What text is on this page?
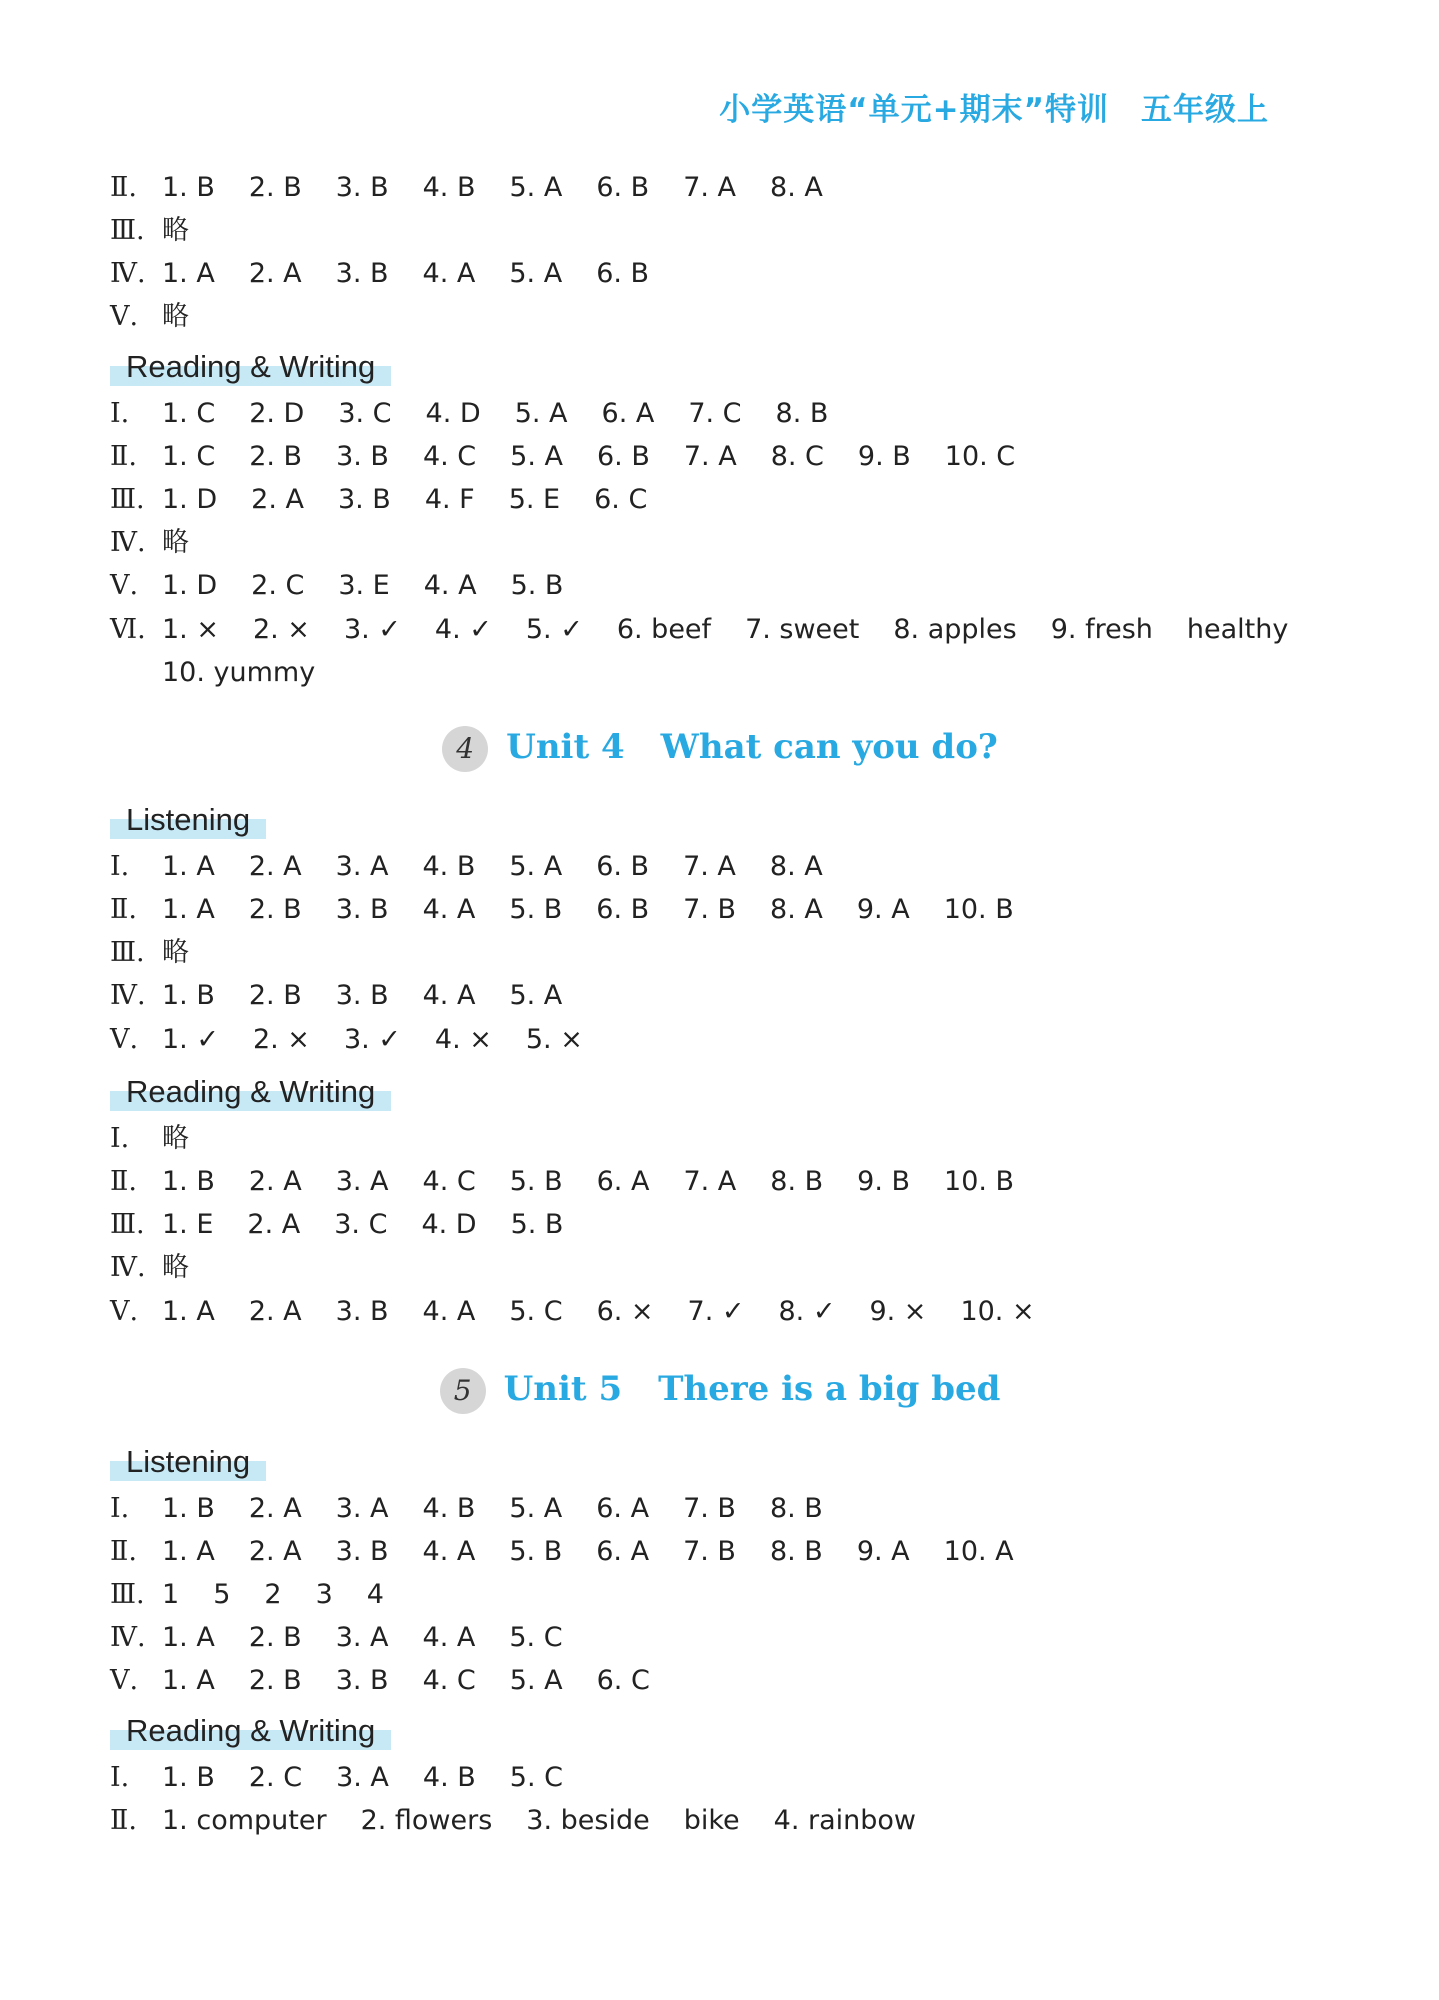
小学英语“单元+期末”特训　五年级上
Ⅱ. 1. B 2. B 3. B 4. B 5. A 6. B 7. A 8. A
Ⅲ. 略
Ⅳ. 1. A 2. A 3. B 4. A 5. A 6. B
Ⅴ. 略
Reading & Writing
Ⅰ. 1. C 2. D 3. C 4. D 5. A 6. A 7. C 8. B
Ⅱ. 1. C 2. B 3. B 4. C 5. A 6. B 7. A 8. C 9. B 10. C
Ⅲ. 1. D 2. A 3. B 4. F 5. E 6. C
Ⅳ. 略
Ⅴ. 1. D 2. C 3. E 4. A 5. B
Ⅵ. 1. × 2. × 3. ✓ 4. ✓ 5. ✓ 6. beef 7. sweet 8. apples 9. fresh healthy
10. yummy
4 Unit 4 What can you do?
Listening
Ⅰ. 1. A 2. A 3. A 4. B 5. A 6. B 7. A 8. A
Ⅱ. 1. A 2. B 3. B 4. A 5. B 6. B 7. B 8. A 9. A 10. B
Ⅲ. 略
Ⅳ. 1. B 2. B 3. B 4. A 5. A
Ⅴ. 1. ✓ 2. × 3. ✓ 4. × 5. ×
Reading & Writing
Ⅰ. 略
Ⅱ. 1. B 2. A 3. A 4. C 5. B 6. A 7. A 8. B 9. B 10. B
Ⅲ. 1. E 2. A 3. C 4. D 5. B
Ⅳ. 略
Ⅴ. 1. A 2. A 3. B 4. A 5. C 6. × 7. ✓ 8. ✓ 9. × 10. ×
5 Unit 5 There is a big bed
Listening
Ⅰ. 1. B 2. A 3. A 4. B 5. A 6. A 7. B 8. B
Ⅱ. 1. A 2. A 3. B 4. A 5. B 6. A 7. B 8. B 9. A 10. A
Ⅲ. 1 5 2 3 4
Ⅳ. 1. A 2. B 3. A 4. A 5. C
Ⅴ. 1. A 2. B 3. B 4. C 5. A 6. C
Reading & Writing
Ⅰ. 1. B 2. C 3. A 4. B 5. C
Ⅱ. 1. computer 2. flowers 3. beside bike 4. rainbow
